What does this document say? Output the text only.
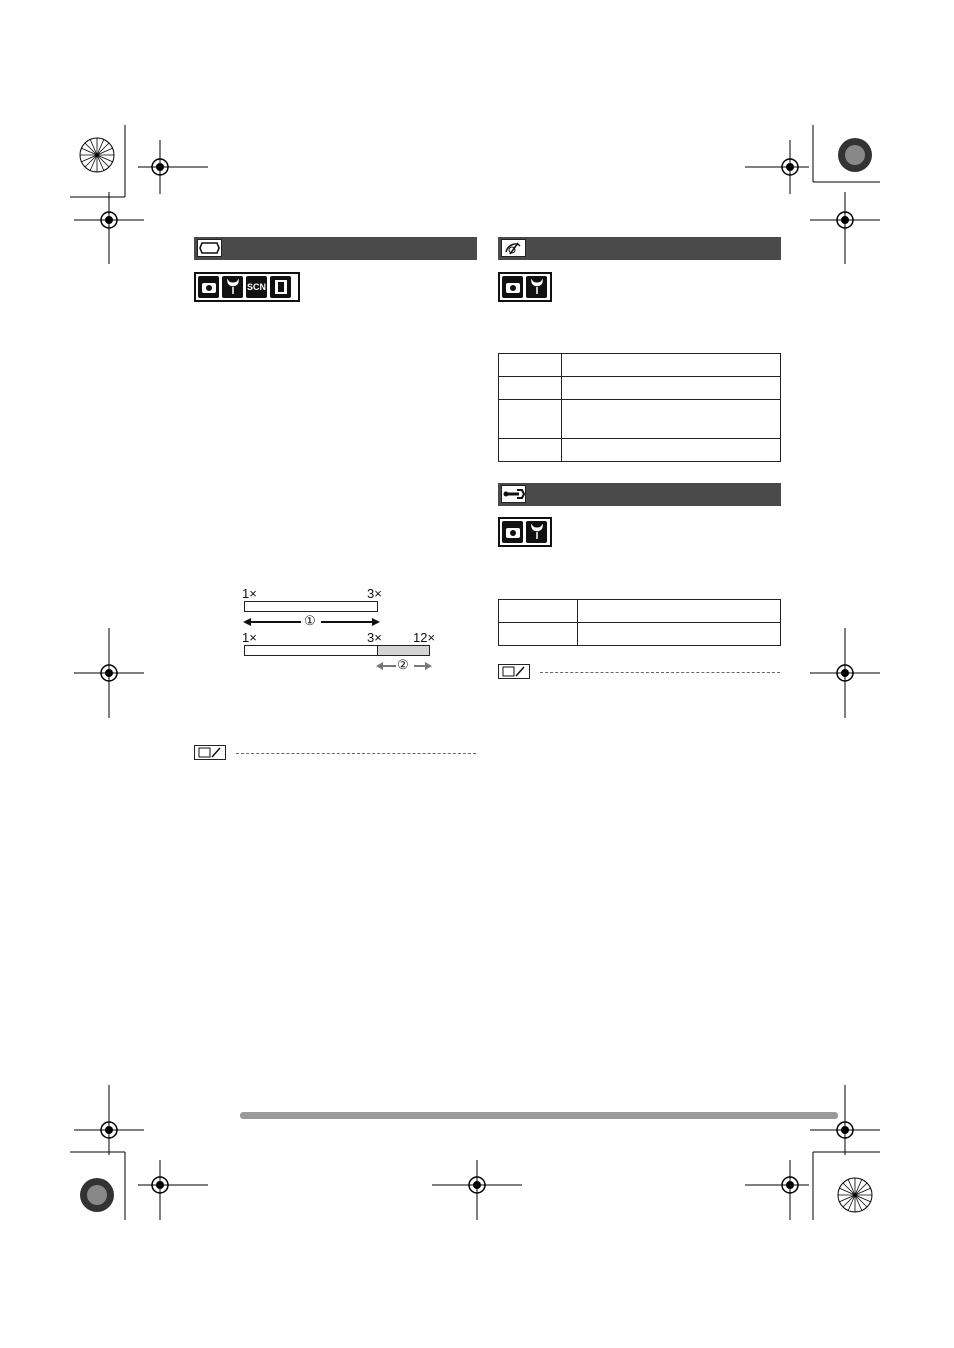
SCN
1×	3×
①
1×	3× 12×
②
